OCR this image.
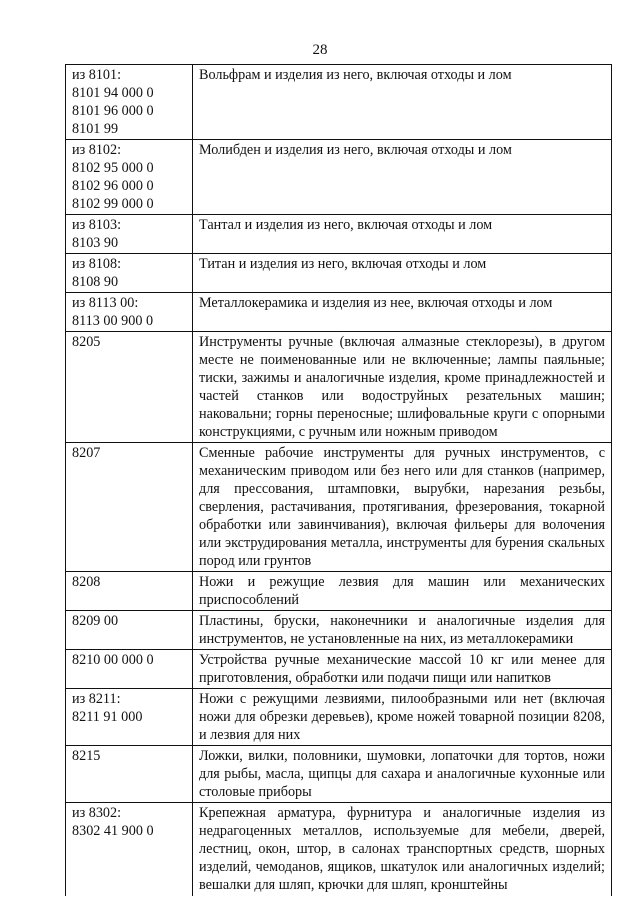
28
из 8101:
8101 94 000 0
8101 96 000 0
8101 99	Вольфрам и изделия из него, включая отходы и лом

из 8102:
8102 95 000 0
8102 96 000 0
8102 99 000 0	Молибден и изделия из него, включая отходы и лом

из 8103:
8103 90	Тантал и изделия из него, включая отходы и лом

из 8108:
8108 90	Титан и изделия из него, включая отходы и лом

из 8113 00:
8113 00 900 0	Металлокерамика и изделия из нее, включая отходы и лом

8205	Инструменты ручные (включая алмазные стеклорезы), в другом месте не поименованные или не включенные; лампы паяльные; тиски, зажимы и аналогичные изделия, кроме принадлежностей и частей станков или водоструйных резательных машин; наковальни; горны переносные; шлифовальные круги с опорными конструкциями, с ручным или ножным приводом

8207	Сменные рабочие инструменты для ручных инструментов, с механическим приводом или без него или для станков (например, для прессования, штамповки, вырубки, нарезания резьбы, сверления, растачивания, протягивания, фрезерования, токарной обработки или завинчивания), включая фильеры для волочения или экструдирования металла, инструменты для бурения скальных пород или грунтов

8208	Ножи и режущие лезвия для машин или механических приспособлений

8209 00	Пластины, бруски, наконечники и аналогичные изделия для инструментов, не установленные на них, из металлокерамики

8210 00 000 0	Устройства ручные механические массой 10 кг или менее для приготовления, обработки или подачи пищи или напитков

из 8211:
8211 91 000	Ножи с режущими лезвиями, пилообразными или нет (включая ножи для обрезки деревьев), кроме ножей товарной позиции 8208, и лезвия для них

8215	Ложки, вилки, половники, шумовки, лопаточки для тортов, ножи для рыбы, масла, щипцы для сахара и аналогичные кухонные или столовые приборы

из 8302:
8302 41 900 0	Крепежная арматура, фурнитура и аналогичные изделия из недрагоценных металлов, используемые для мебели, дверей, лестниц, окон, штор, в салонах транспортных средств, шорных изделий, чемоданов, ящиков, шкатулок или аналогичных изделий; вешалки для шляп, крючки для шляп, кронштейны
